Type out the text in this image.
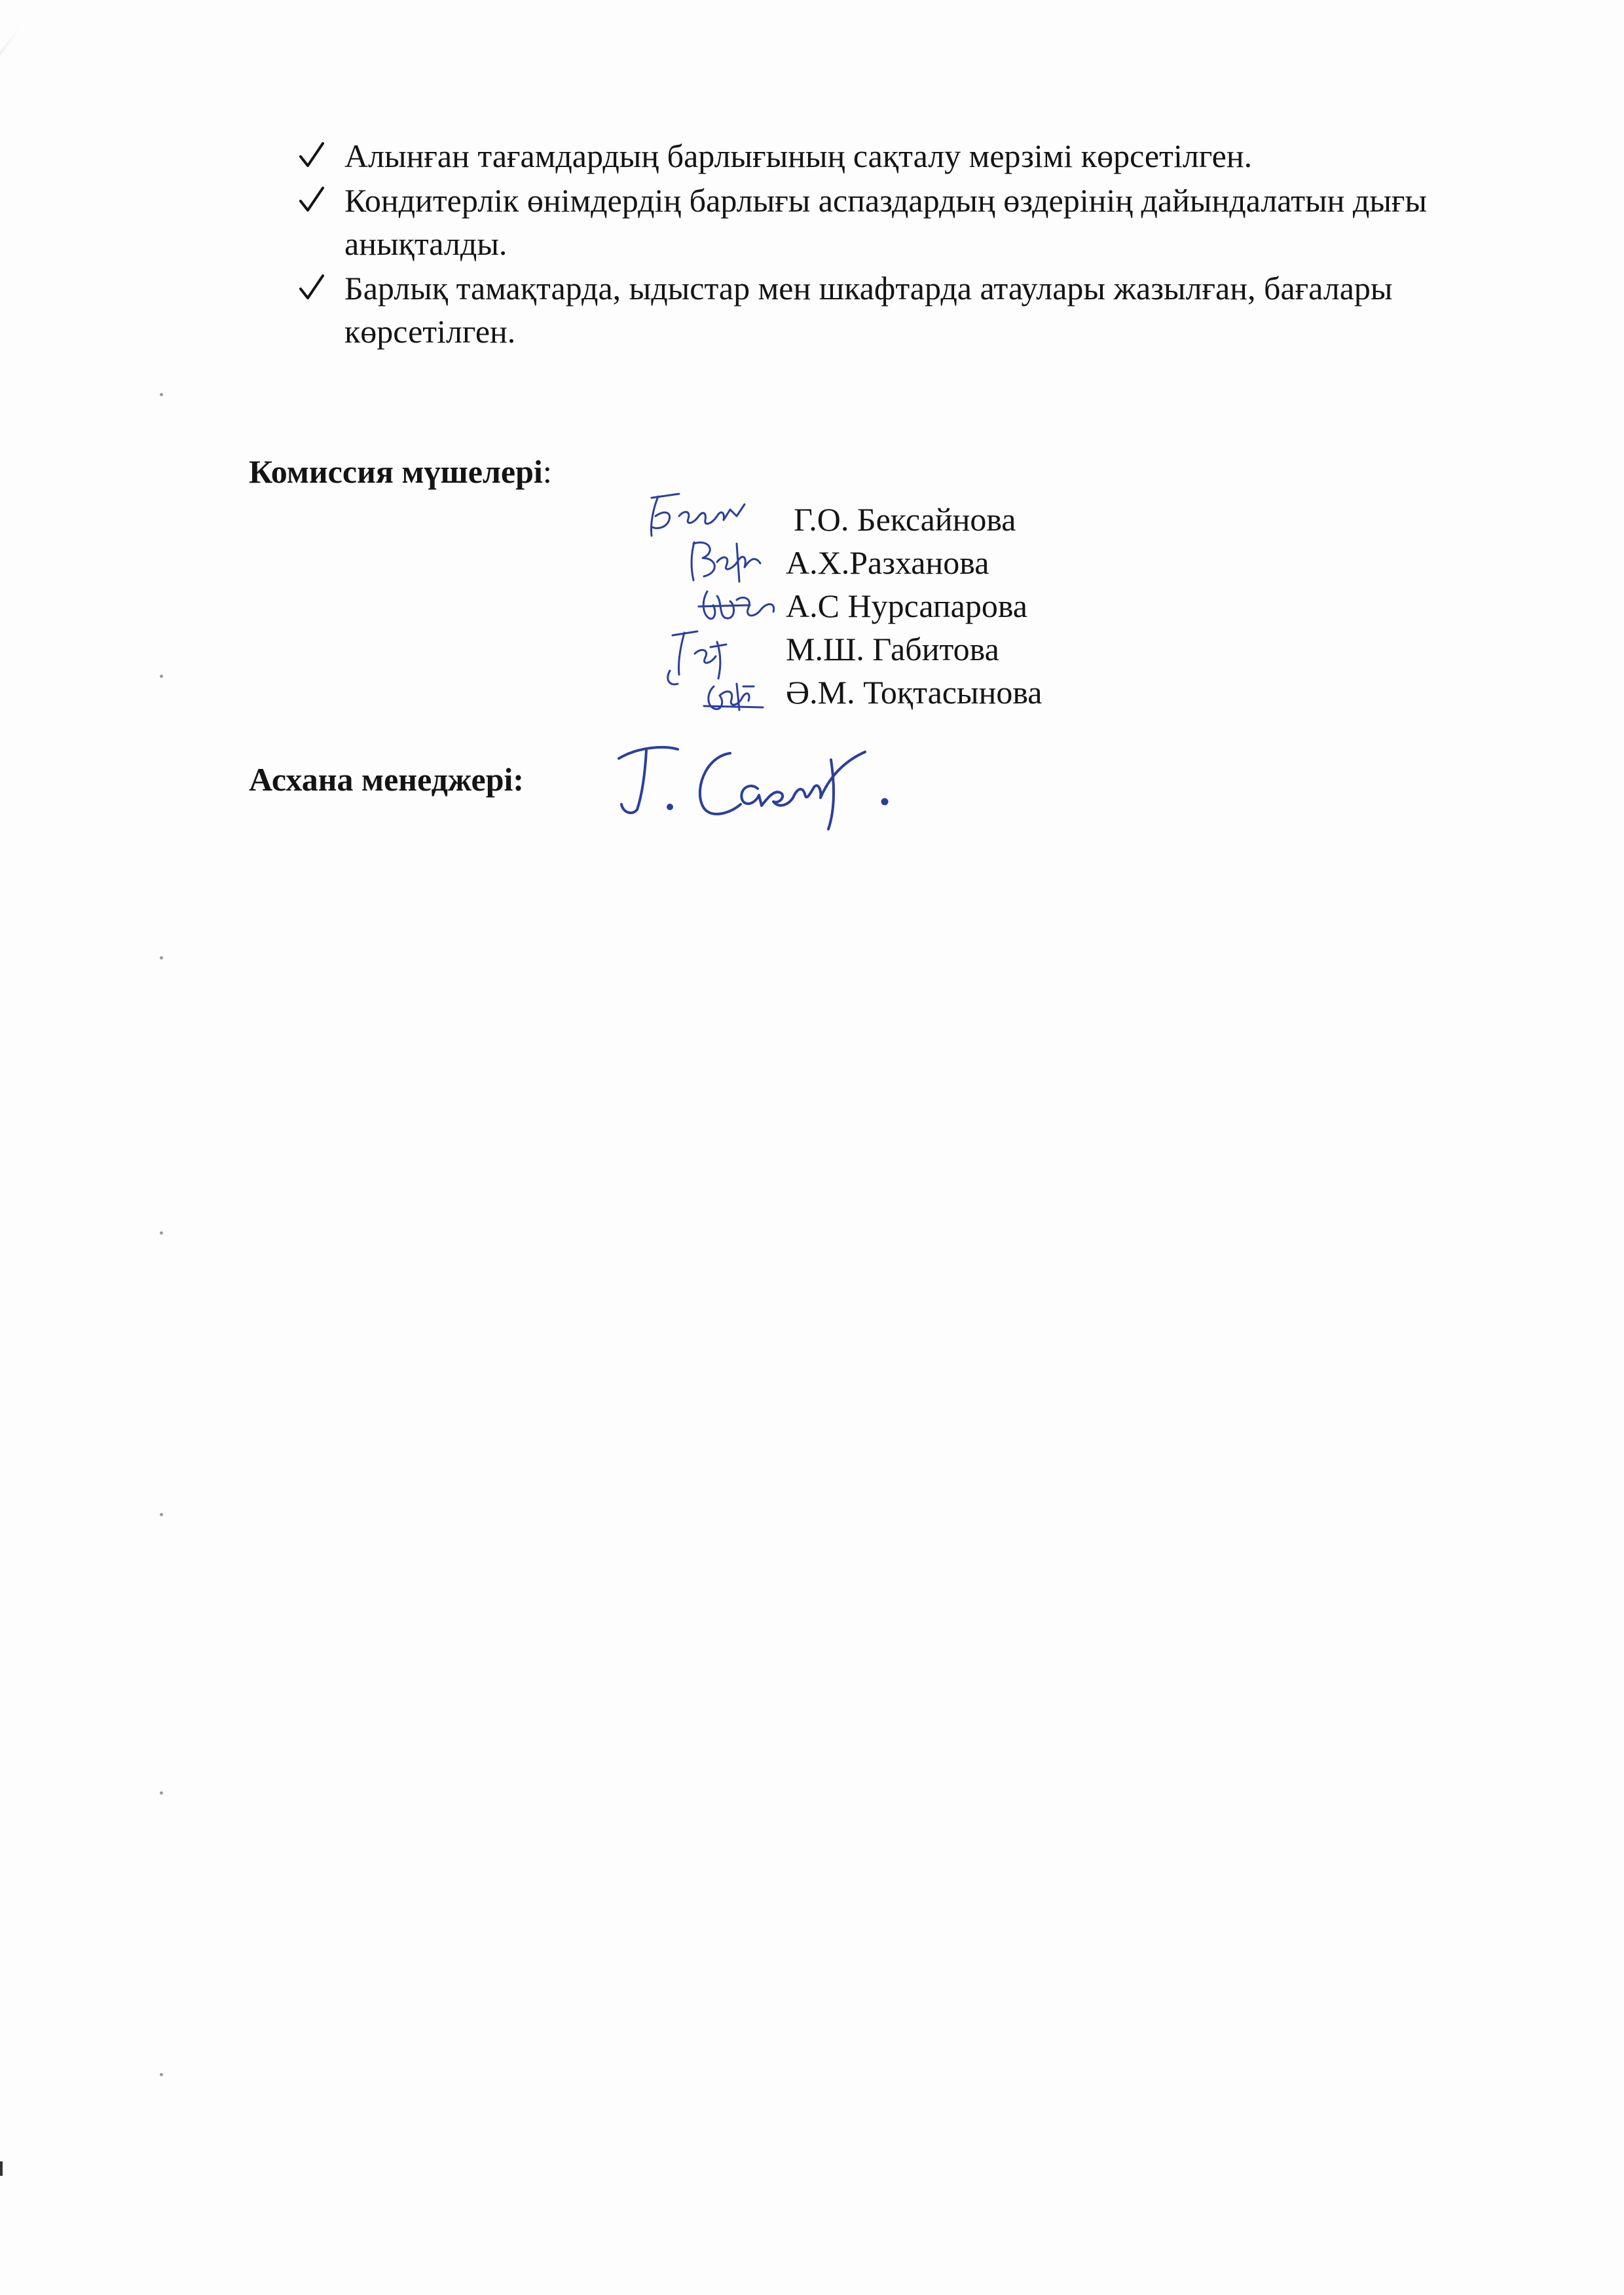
Алынған тағамдардың барлығының сақталу мерзімі көрсетілген.
Кондитерлік өнімдердің барлығы аспаздардың өздерінің дайындалатын дығы анықталды.
Барлық тамақтарда, ыдыстар мен шкафтарда атаулары жазылған, бағалары көрсетілген.
Комиссия мүшелері:
Г.О. Бексайнова
А.Х.Разханова
А.С Нурсапарова
М.Ш. Габитова
Ә.М. Тоқтасынова
Асхана менеджері:
